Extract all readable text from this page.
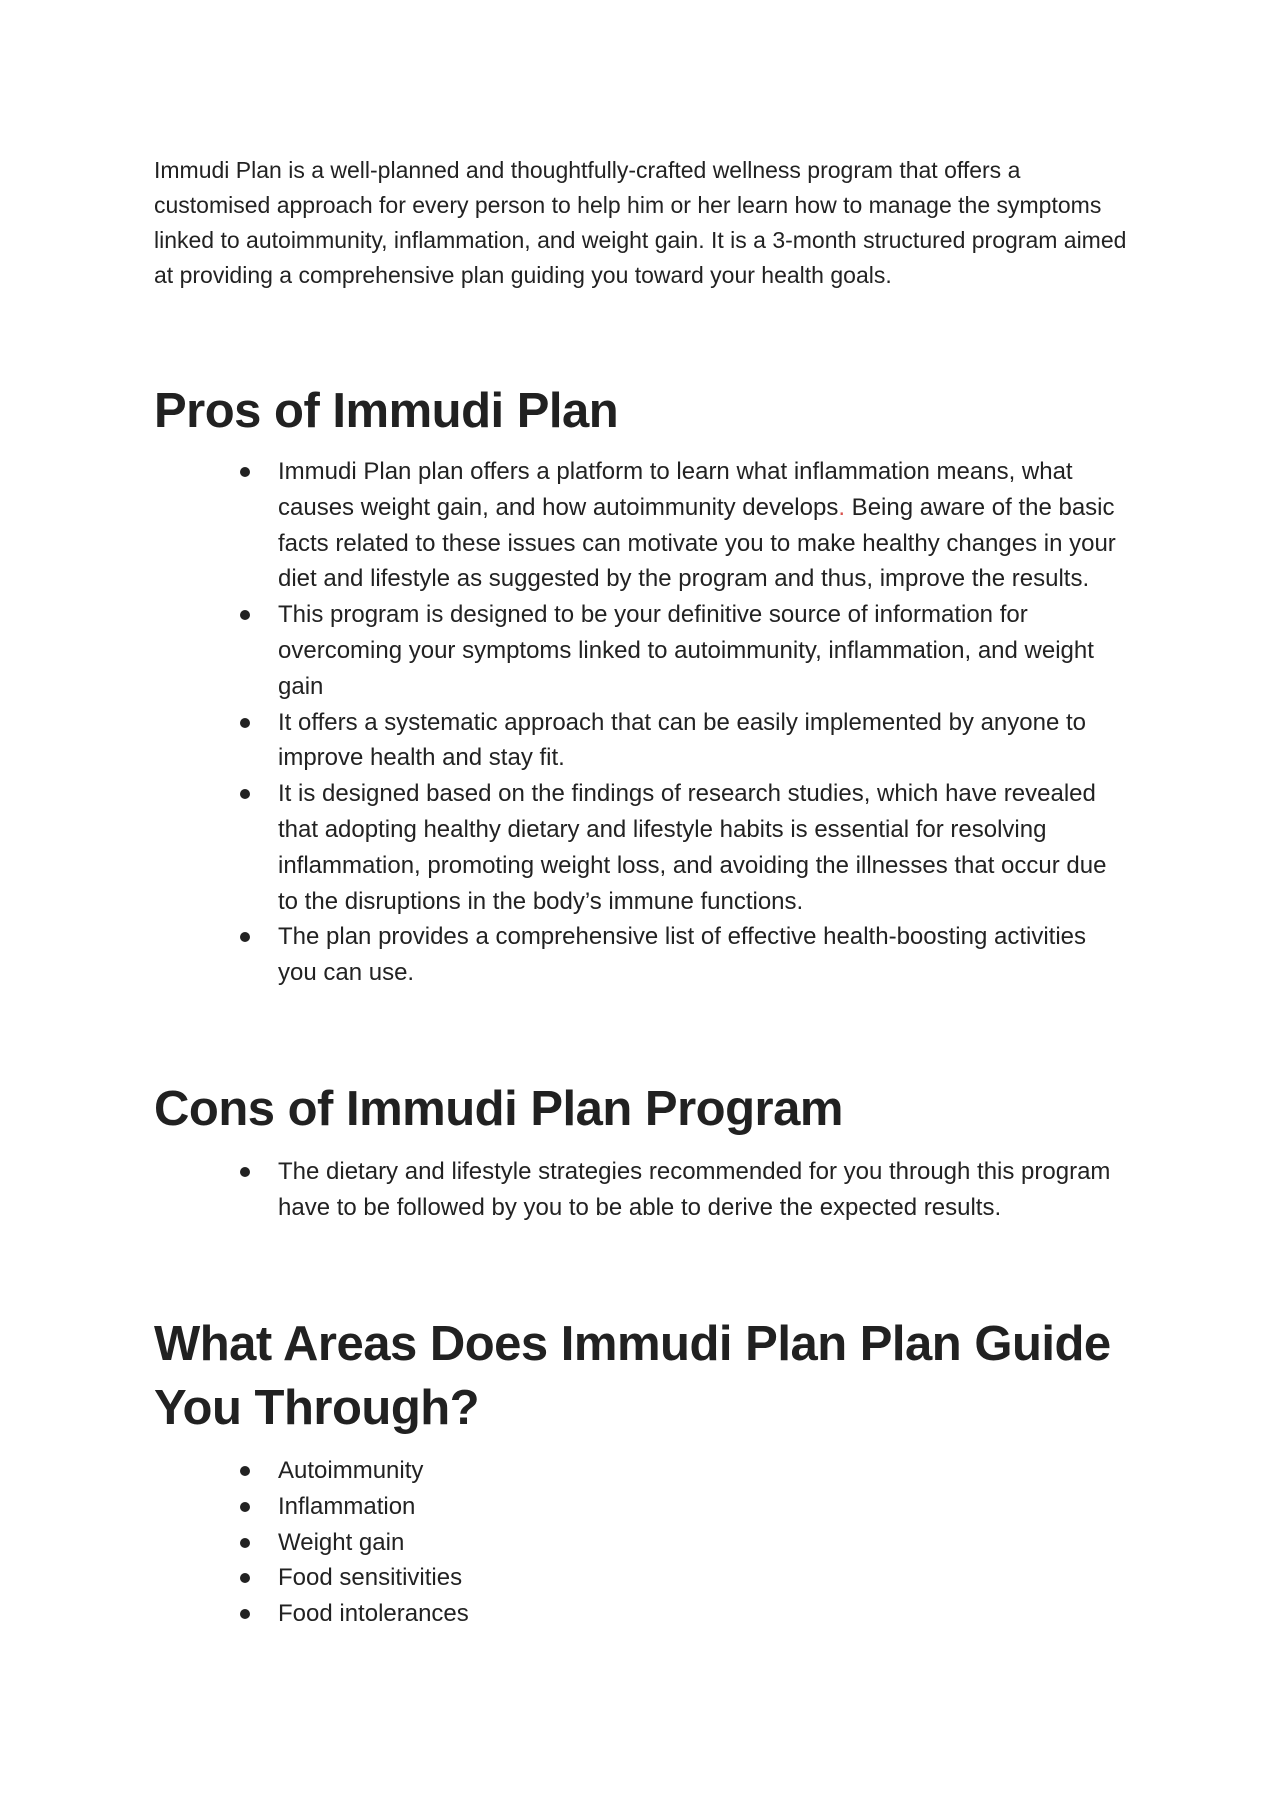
Immudi Plan is a well-planned and thoughtfully-crafted wellness program that offers a customised approach for every person to help him or her learn how to manage the symptoms linked to autoimmunity, inflammation, and weight gain. It is a 3-month structured program aimed at providing a comprehensive plan guiding you toward your health goals.

Pros of Immudi Plan
Immudi Plan plan offers a platform to learn what inflammation means, what causes weight gain, and how autoimmunity develops. Being aware of the basic facts related to these issues can motivate you to make healthy changes in your diet and lifestyle as suggested by the program and thus, improve the results.
This program is designed to be your definitive source of information for overcoming your symptoms linked to autoimmunity, inflammation, and weight gain
It offers a systematic approach that can be easily implemented by anyone to improve health and stay fit.
It is designed based on the findings of research studies, which have revealed that adopting healthy dietary and lifestyle habits is essential for resolving inflammation, promoting weight loss, and avoiding the illnesses that occur due to the disruptions in the body’s immune functions.
The plan provides a comprehensive list of effective health-boosting activities you can use.
Cons of Immudi Plan Program
The dietary and lifestyle strategies recommended for you through this program have to be followed by you to be able to derive the expected results.
What Areas Does Immudi Plan Plan Guide You Through?
Autoimmunity
Inflammation
Weight gain
Food sensitivities
Food intolerances
